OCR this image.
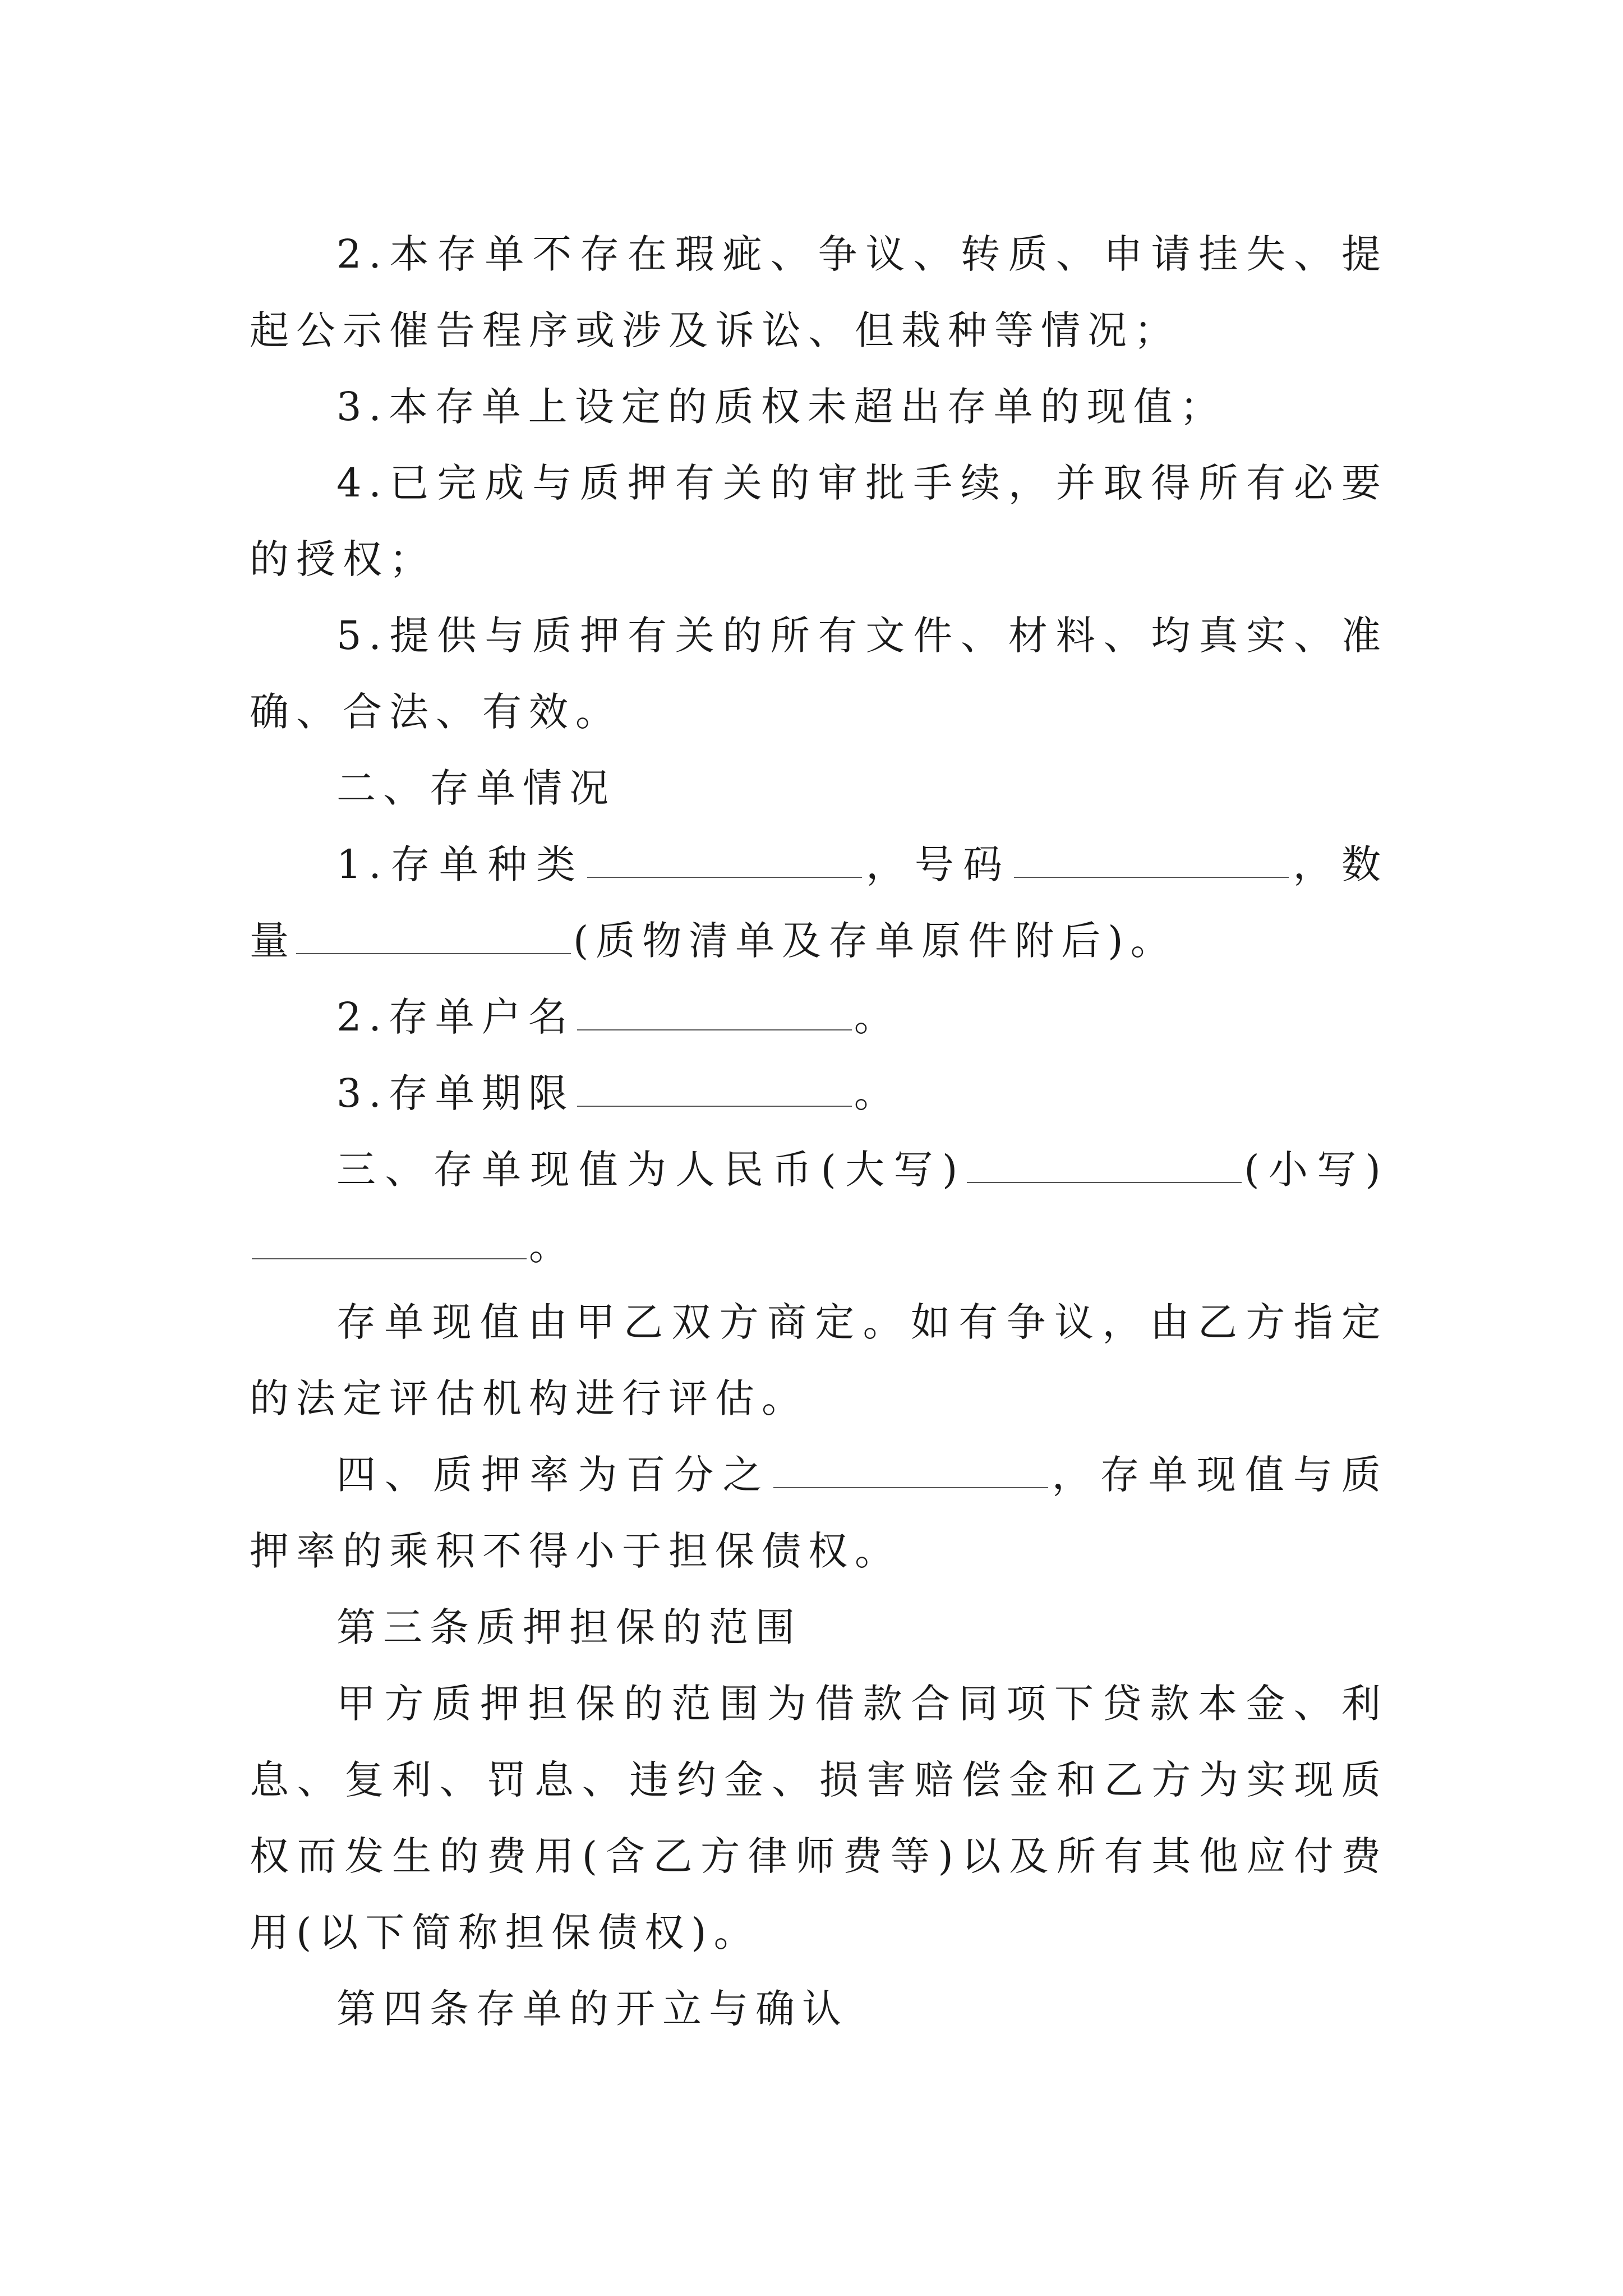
2.本存单不存在瑕疵、争议、转质、申请挂失、提起公示催告程序或涉及诉讼、但栽种等情况；

3.本存单上设定的质权未超出存单的现值；

4.已完成与质押有关的审批手续，并取得所有必要的授权；

5.提供与质押有关的所有文件、材料、均真实、准确、合法、有效。

二、存单情况

1.存单种类	，号码	，数量	(质物清单及存单原件附后)。

2.存单户名	。

3.存单期限	。

三、存单现值为人民币(大写)	(小写)。

存单现值由甲乙双方商定。如有争议，由乙方指定的法定评估机构进行评估。

四、质押率为百分之	，存单现值与质押率的乘积不得小于担保债权。

第三条质押担保的范围

甲方质押担保的范围为借款合同项下贷款本金、利息、复利、罚息、违约金、损害赔偿金和乙方为实现质权而发生的费用(含乙方律师费等)以及所有其他应付费用(以下简称担保债权)。

第四条存单的开立与确认
